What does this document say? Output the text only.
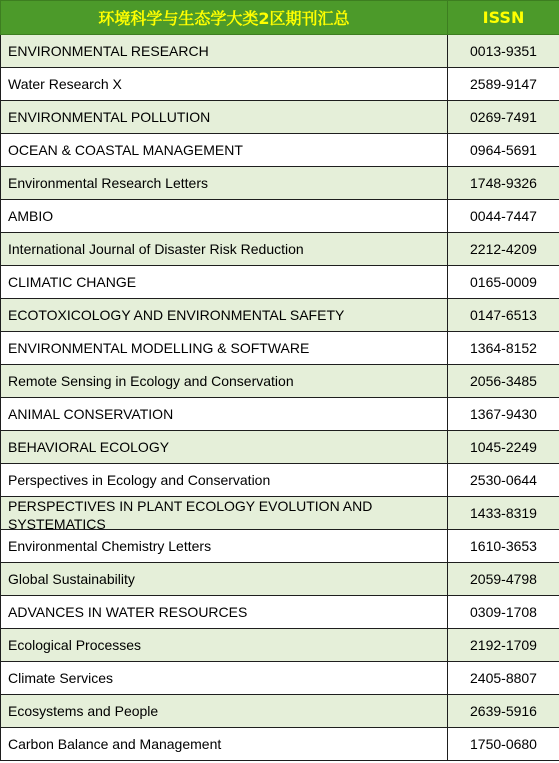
环境科学与生态学大类2区期刊汇总	ISSN
ENVIRONMENTAL RESEARCH	0013-9351
Water Research X	2589-9147
ENVIRONMENTAL POLLUTION	0269-7491
OCEAN & COASTAL MANAGEMENT	0964-5691
Environmental Research Letters	1748-9326
AMBIO	0044-7447
International Journal of Disaster Risk Reduction	2212-4209
CLIMATIC CHANGE	0165-0009
ECOTOXICOLOGY AND ENVIRONMENTAL SAFETY	0147-6513
ENVIRONMENTAL MODELLING & SOFTWARE	1364-8152
Remote Sensing in Ecology and Conservation	2056-3485
ANIMAL CONSERVATION	1367-9430
BEHAVIORAL ECOLOGY	1045-2249
Perspectives in Ecology and Conservation	2530-0644

PERSPECTIVES IN PLANT ECOLOGY EVOLUTION AND SYSTEMATICS	1433-8319
Environmental Chemistry Letters	1610-3653
Global Sustainability	2059-4798
ADVANCES IN WATER RESOURCES	0309-1708
Ecological Processes	2192-1709
Climate Services	2405-8807
Ecosystems and People	2639-5916
Carbon Balance and Management	1750-0680
